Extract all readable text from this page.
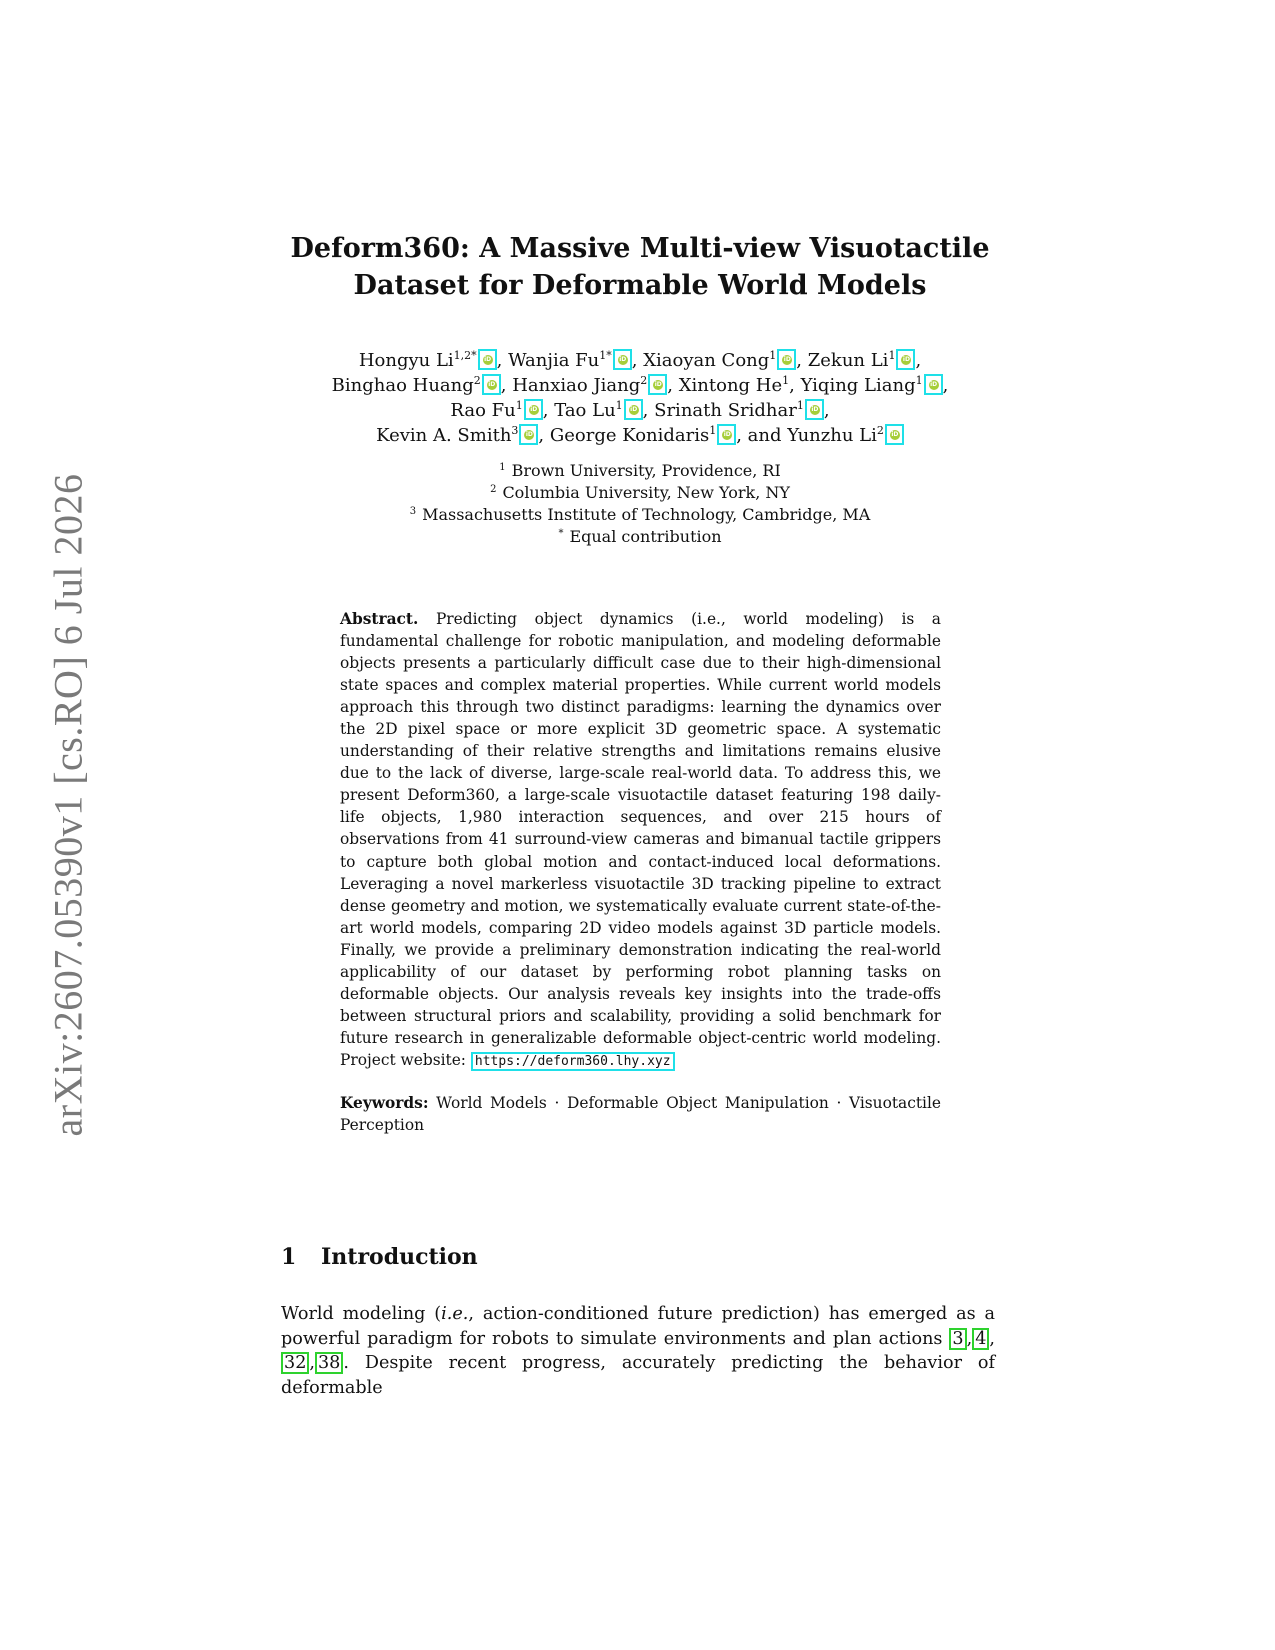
arXiv:2607.05390v1 [cs.RO] 6 Jul 2026
Deform360: A Massive Multi-view Visuotactile
Dataset for Deformable World Models
Hongyu $Li^{1,2*}$ iD , Wanjia $Fu^{1*}$ iD , Xiaoyan Cong$^1$ iD , Zekun Li$^1$ iD ,
Binghao Huang$^2$ iD , Hanxiao Jiang$^2$ iD , Xintong He$^1$, Yiqing Liang$^1$ iD ,
Rao Fu$^1$ iD , Tao Lu$^1$ iD , Srinath Sridhar$^1$ iD ,
Kevin A. Smith$^3$ iD , George Konidaris$^1$ iD , and Yunzhu Li$^2$ iD
$^1$ Brown University, Providence, RI
$^2$ Columbia University, New York, NY
$^3$ Massachusetts Institute of Technology, Cambridge, MA
* Equal contribution
Abstract. Predicting object dynamics (i.e., world modeling) is a fundamental challenge for robotic manipulation, and modeling deformable objects presents a particularly difficult case due to their high-dimensional state spaces and complex material properties. While current world models approach this through two distinct paradigms: learning the dynamics over the 2D pixel space or more explicit 3D geometric space. A systematic understanding of their relative strengths and limitations remains elusive due to the lack of diverse, large-scale real-world data. To address this, we present Deform360, a large-scale visuotactile dataset featuring 198 daily-life objects, 1,980 interaction sequences, and over 215 hours of observations from 41 surround-view cameras and bimanual tactile grippers to capture both global motion and contact-induced local deformations. Leveraging a novel markerless visuotactile 3D tracking pipeline to extract dense geometry and motion, we systematically evaluate current state-of-the-art world models, comparing 2D video models against 3D particle models. Finally, we provide a preliminary demonstration indicating the real-world applicability of our dataset by performing robot planning tasks on deformable objects. Our analysis reveals key insights into the trade-offs between structural priors and scalability, providing a solid benchmark for future research in generalizable deformable object-centric world modeling. Project website: https://deform360.lhy.xyz
Keywords: World Models · Deformable Object Manipulation · Visuotactile Perception
1 Introduction
World modeling (i.e., action-conditioned future prediction) has emerged as a powerful paradigm for robots to simulate environments and plan actions 3 , 4 , 32 , 38 . Despite recent progress, accurately predicting the behavior of deformable
